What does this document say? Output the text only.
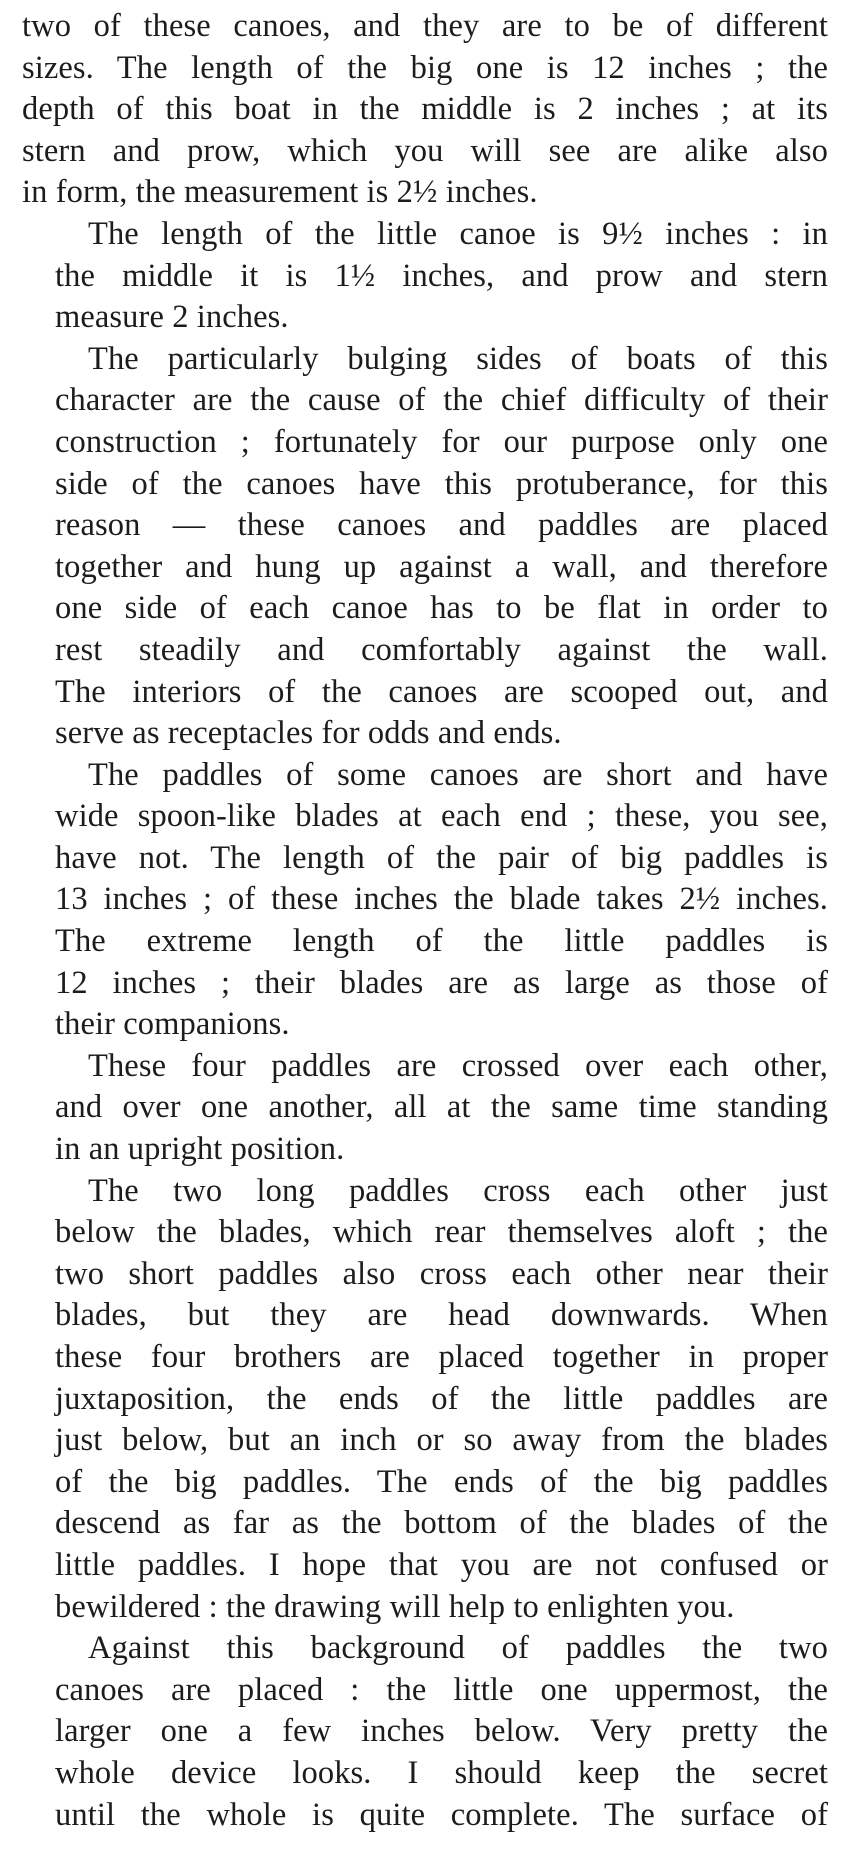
two of these canoes, and they are to be of different
sizes. The length of the big one is 12 inches ; the
depth of this boat in the middle is 2 inches ; at its
stern and prow, which you will see are alike also
in form, the measurement is 2½ inches.

The length of the little canoe is 9½ inches : in
the middle it is 1½ inches, and prow and stern
measure 2 inches.

The particularly bulging sides of boats of this
character are the cause of the chief difficulty of their
construction ; fortunately for our purpose only one
side of the canoes have this protuberance, for this
reason — these canoes and paddles are placed
together and hung up against a wall, and therefore
one side of each canoe has to be flat in order to
rest steadily and comfortably against the wall.
The interiors of the canoes are scooped out, and
serve as receptacles for odds and ends.

The paddles of some canoes are short and have
wide spoon-like blades at each end ; these, you see,
have not. The length of the pair of big paddles is
13 inches ; of these inches the blade takes 2½ inches.
The extreme length of the little paddles is
12 inches ; their blades are as large as those of
their companions.

These four paddles are crossed over each other,
and over one another, all at the same time standing
in an upright position.

The two long paddles cross each other just
below the blades, which rear themselves aloft ; the
two short paddles also cross each other near their
blades, but they are head downwards. When
these four brothers are placed together in proper
juxtaposition, the ends of the little paddles are
just below, but an inch or so away from the blades
of the big paddles. The ends of the big paddles
descend as far as the bottom of the blades of the
little paddles. I hope that you are not confused or
bewildered : the drawing will help to enlighten you.

Against this background of paddles the two
canoes are placed : the little one uppermost, the
larger one a few inches below. Very pretty the
whole device looks. I should keep the secret
until the whole is quite complete. The surface of
